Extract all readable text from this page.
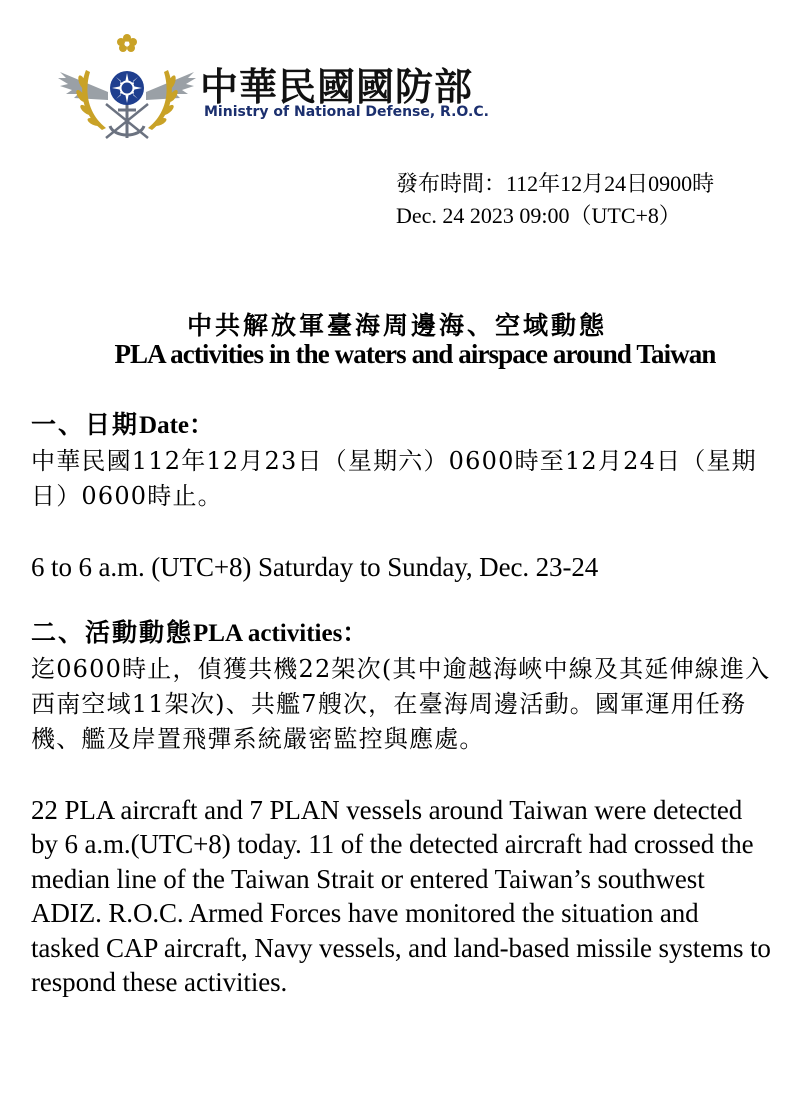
中華民國國防部
Ministry of National Defense, R.O.C.
發布時間：112年12月24日0900時
Dec. 24 2023 09:00（UTC+8）
中共解放軍臺海周邊海、空域動態
PLA activities in the waters and airspace around Taiwan
一、日期Date：

中華民國112年12月23日（星期六）0600時至12月24日（星期日）0600時止。

6 to 6 a.m. (UTC+8) Saturday to Sunday, Dec. 23-24

二、活動動態PLA activities：

迄0600時止，偵獲共機22架次(其中逾越海峽中線及其延伸線進入西南空域11架次)、共艦7艘次，在臺海周邊活動。國軍運用任務機、艦及岸置飛彈系統嚴密監控與應處。

22 PLA aircraft and 7 PLAN vessels around Taiwan were detected by 6 a.m.(UTC+8) today. 11 of the detected aircraft had crossed the median line of the Taiwan Strait or entered Taiwan’s southwest ADIZ. R.O.C. Armed Forces have monitored the situation and tasked CAP aircraft, Navy vessels, and land-based missile systems to respond these activities.
